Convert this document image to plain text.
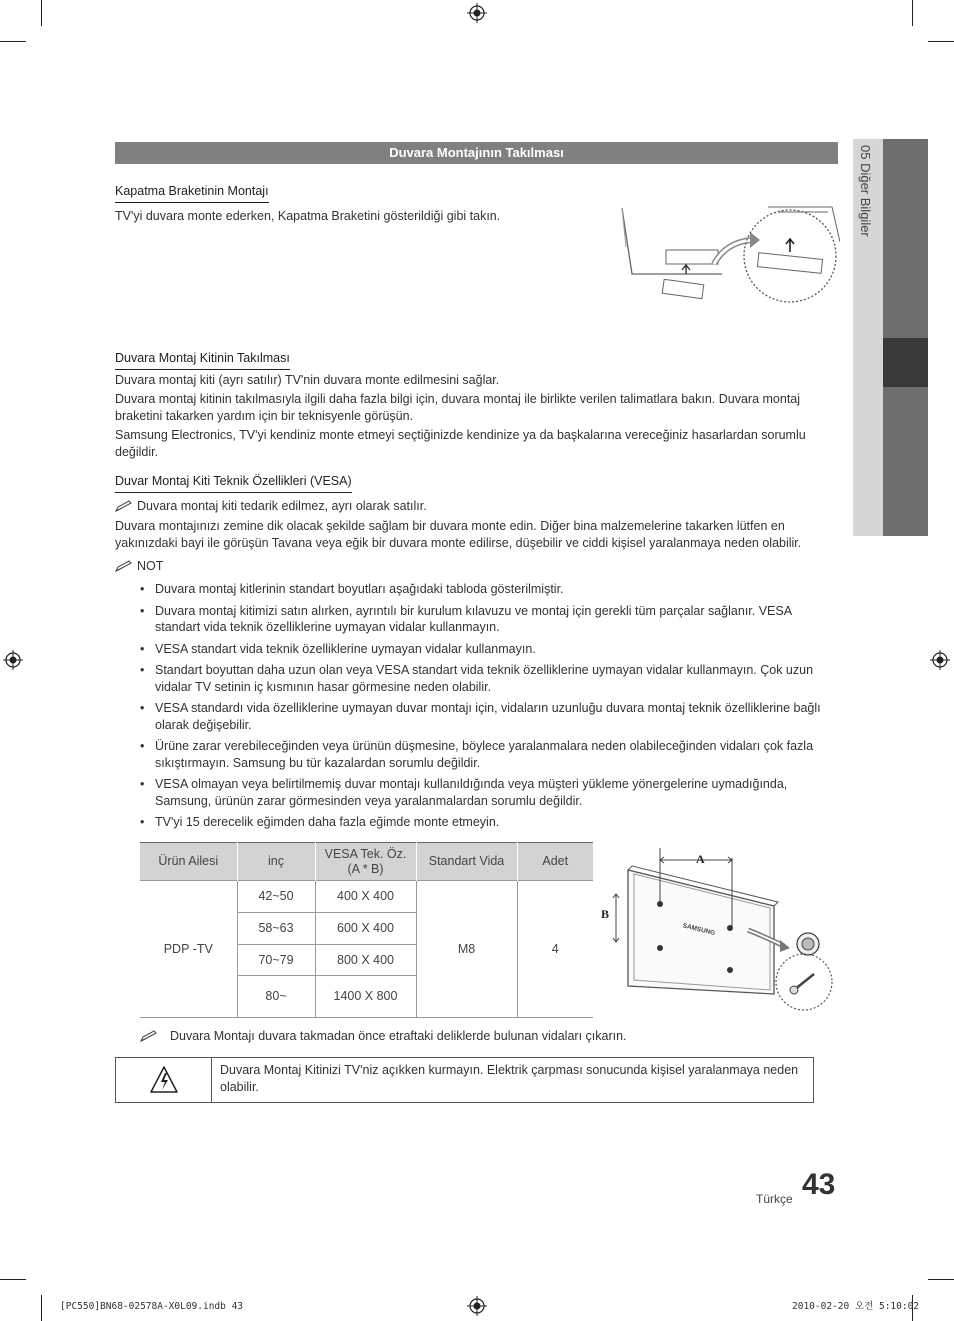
Duvara Montajının Takılması	05 Diğer Bilgiler
Kapatma Braketinin Montajı
TV'yi duvara monte ederken, Kapatma Braketini gösterildiği gibi takın.
Duvara Montaj Kitinin Takılması
Duvara montaj kiti (ayrı satılır) TV'nin duvara monte edilmesini sağlar.
Duvara montaj kitinin takılmasıyla ilgili daha fazla bilgi için, duvara montaj ile birlikte verilen talimatlara bakın. Duvara montaj braketini takarken yardım için bir teknisyenle görüşün.
Samsung Electronics, TV'yi kendiniz monte etmeyi seçtiğinizde kendinize ya da başkalarına vereceğiniz hasarlardan sorumlu değildir.
Duvar Montaj Kiti Teknik Özellikleri (VESA)
Duvara montaj kiti tedarik edilmez, ayrı olarak satılır.
Duvara montajınızı zemine dik olacak şekilde sağlam bir duvara monte edin. Diğer bina malzemelerine takarken lütfen en yakınızdaki bayi ile görüşün Tavana veya eğik bir duvara monte edilirse, düşebilir ve ciddi kişisel yaralanmaya neden olabilir.
NOT
• Duvara montaj kitlerinin standart boyutları aşağıdaki tabloda gösterilmiştir.
• Duvara montaj kitimizi satın alırken, ayrıntılı bir kurulum kılavuzu ve montaj için gerekli tüm parçalar sağlanır. VESA standart vida teknik özelliklerine uymayan vidalar kullanmayın.
• VESA standart vida teknik özelliklerine uymayan vidalar kullanmayın.
• Standart boyuttan daha uzun olan veya VESA standart vida teknik özelliklerine uymayan vidalar kullanmayın. Çok uzun vidalar TV setinin iç kısmının hasar görmesine neden olabilir.
• VESA standardı vida özelliklerine uymayan duvar montajı için, vidaların uzunluğu duvara montaj teknik özelliklerine bağlı olarak değişebilir.
• Ürüne zarar verebileceğinden veya ürünün düşmesine, böylece yaralanmalara neden olabileceğinden vidaları çok fazla sıkıştırmayın. Samsung bu tür kazalardan sorumlu değildir.
• VESA olmayan veya belirtilmemiş duvar montajı kullanıldığında veya müşteri yükleme yönergelerine uymadığında, Samsung, ürünün zarar görmesinden veya yaralanmalardan sorumlu değildir.
• TV'yi 15 derecelik eğimden daha fazla eğimde monte etmeyin.
Ürün Ailesi	inç	VESA Tek. Öz.
(A * B)	Standart Vida	Adet
PDP -TV	42~50	400 X 400	M8	4
	58~63	600 X 400		
	70~79	800 X 400		
	80~	1400 X 800		
A
B
SAMSUNG
Duvara Montajı duvara takmadan önce etraftaki deliklerde bulunan vidaları çıkarın.
Duvara Montaj Kitinizi TV'niz açıkken kurmayın. Elektrik çarpması sonucunda kişisel yaralanmaya neden olabilir.
Türkçe 43
[PC550]BN68-02578A-X0L09.indb 43	2010-02-20 오전 5:10:02
